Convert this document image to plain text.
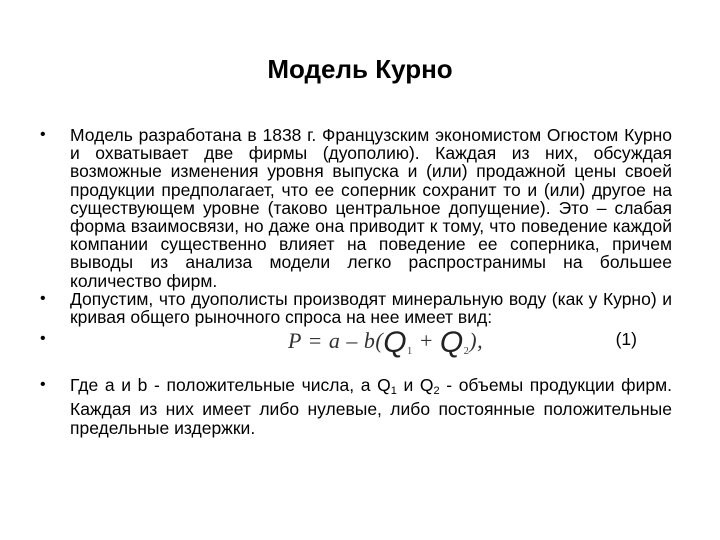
Модель Курно
•	Модель разработана в 1838 г. Французским экономистом Огюстом Курно и охватывает две фирмы (дуополию). Каждая из них, обсуждая возможные изменения уровня выпуска и (или) продажной цены своей продукции предполагает, что ее соперник сохранит то и (или) другое на существующем уровне (таково центральное допущение). Это – слабая форма взаимосвязи, но даже она приводит к тому, что поведение каждой компании существенно влияет на поведение ее соперника, причем выводы из анализа модели легко распространимы на большее количество фирм.
•	Допустим, что дуополисты производят минеральную воду (как у Курно) и кривая общего рыночного спроса на нее имеет вид:
•	$P = a - b(Q_1 + Q_2)$,	(1)
•	Где a и b - положительные числа, а $Q_1$ и $Q_2$ - объемы продукции фирм. Каждая из них имеет либо нулевые, либо постоянные положительные предельные издержки.
